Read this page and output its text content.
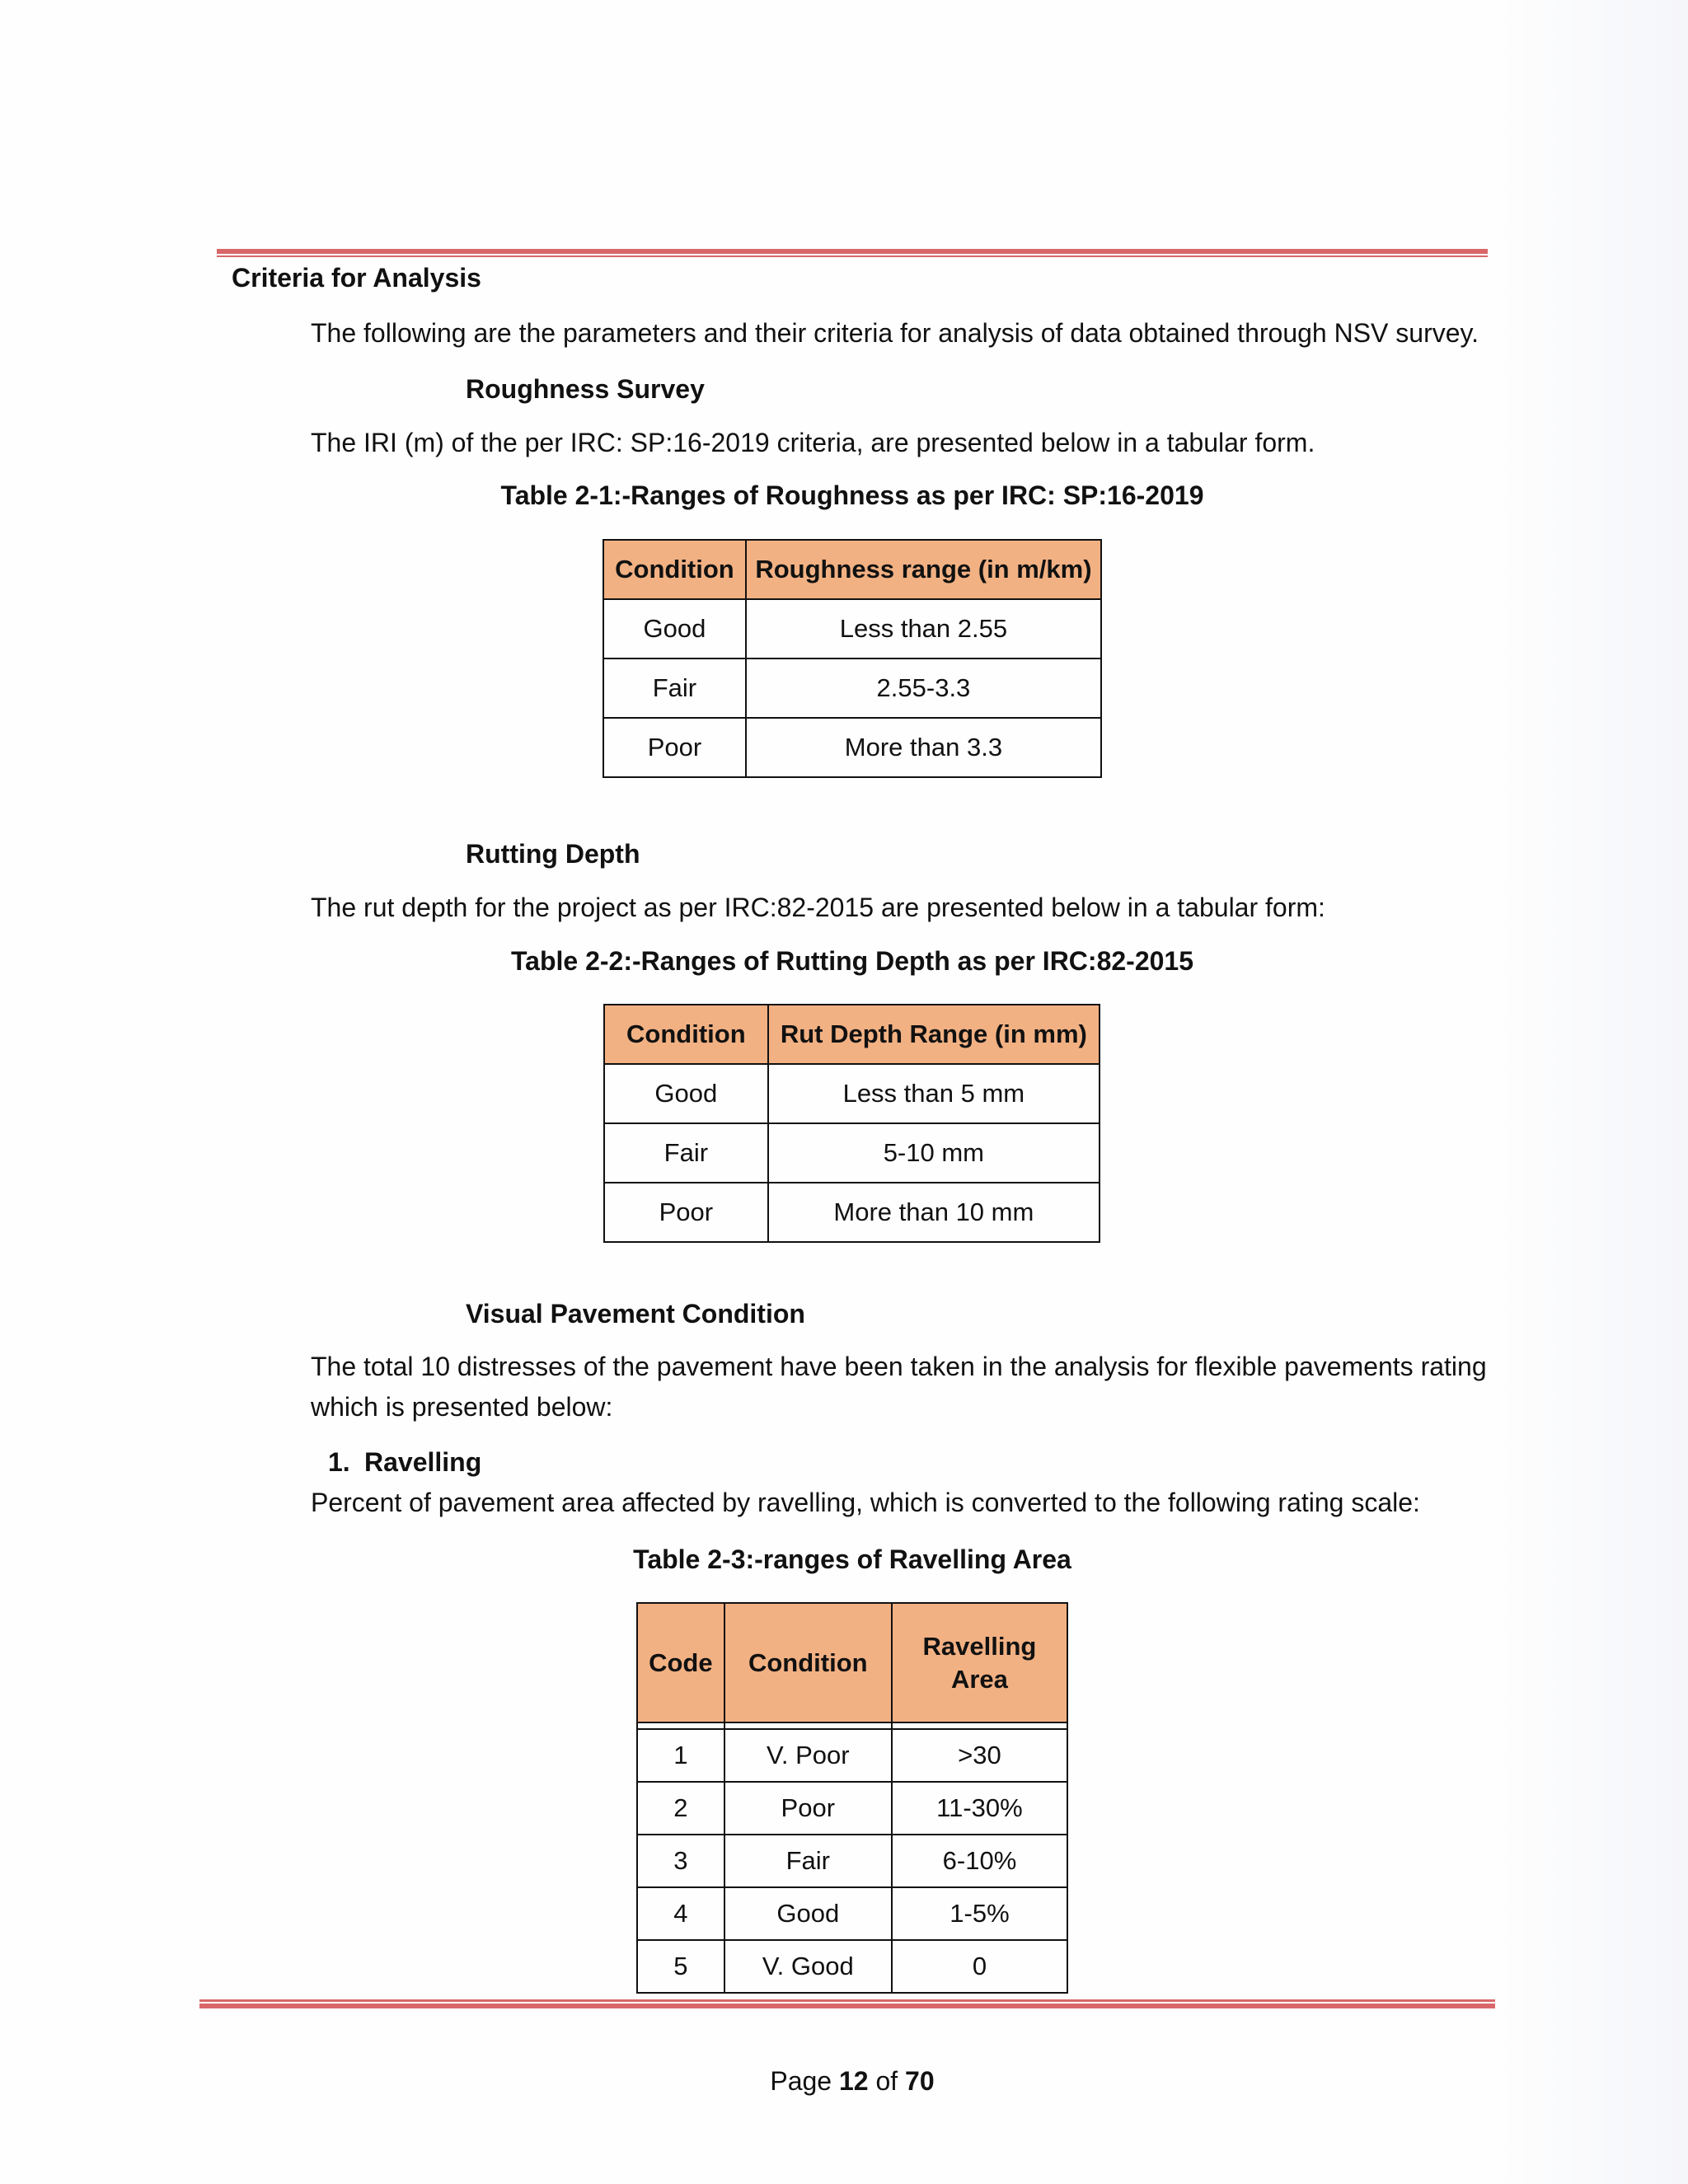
Criteria for Analysis
The following are the parameters and their criteria for analysis of data obtained through NSV survey.
Roughness Survey
The IRI (m) of the per IRC: SP:16-2019 criteria, are presented below in a tabular form.
Table 2-1:-Ranges of Roughness as per IRC: SP:16-2019
Condition	Roughness range (in m/km)
Good	Less than 2.55
Fair	2.55-3.3
Poor	More than 3.3
Rutting Depth
The rut depth for the project as per IRC:82-2015 are presented below in a tabular form:
Table 2-2:-Ranges of Rutting Depth as per IRC:82-2015
Condition	Rut Depth Range (in mm)
Good	Less than 5 mm
Fair	5-10 mm
Poor	More than 10 mm
Visual Pavement Condition
The total 10 distresses of the pavement have been taken in the analysis for flexible pavements rating
which is presented below:
1. Ravelling
Percent of pavement area affected by ravelling, which is converted to the following rating scale:
Table 2-3:-ranges of Ravelling Area
Code	Condition	Ravelling
Area

1	V. Poor	>30
2	Poor	11-30%
3	Fair	6-10%
4	Good	1-5%
5	V. Good	0
Page 12 of 70
